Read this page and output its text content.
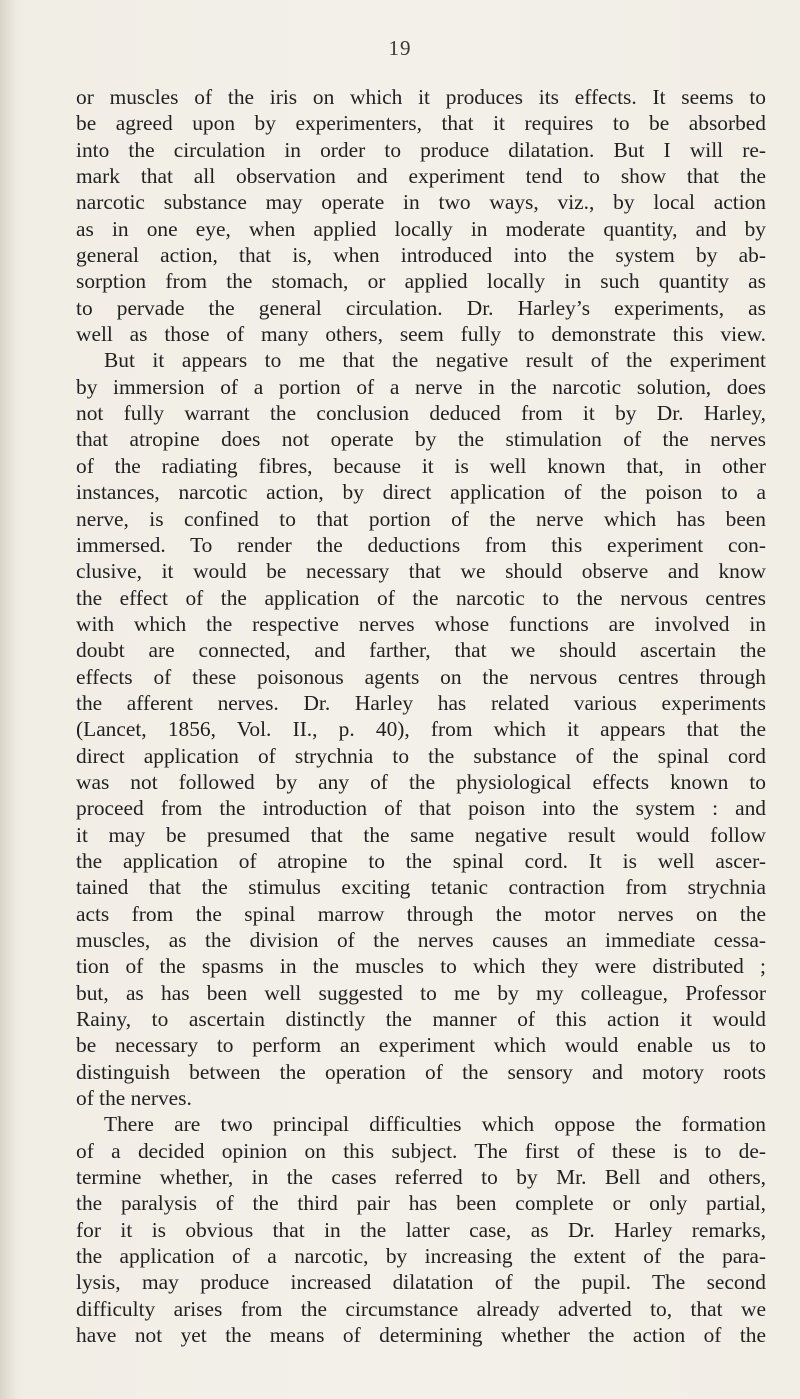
19
or muscles of the iris on which it produces its effects. It seems to
be agreed upon by experimenters, that it requires to be absorbed
into the circulation in order to produce dilatation. But I will re-
mark that all observation and experiment tend to show that the
narcotic substance may operate in two ways, viz., by local action
as in one eye, when applied locally in moderate quantity, and by
general action, that is, when introduced into the system by ab-
sorption from the stomach, or applied locally in such quantity as
to pervade the general circulation. Dr. Harley’s experiments, as
well as those of many others, seem fully to demonstrate this view.
But it appears to me that the negative result of the experiment
by immersion of a portion of a nerve in the narcotic solution, does
not fully warrant the conclusion deduced from it by Dr. Harley,
that atropine does not operate by the stimulation of the nerves
of the radiating fibres, because it is well known that, in other
instances, narcotic action, by direct application of the poison to a
nerve, is confined to that portion of the nerve which has been
immersed. To render the deductions from this experiment con-
clusive, it would be necessary that we should observe and know
the effect of the application of the narcotic to the nervous centres
with which the respective nerves whose functions are involved in
doubt are connected, and farther, that we should ascertain the
effects of these poisonous agents on the nervous centres through
the afferent nerves. Dr. Harley has related various experiments
(Lancet, 1856, Vol. II., p. 40), from which it appears that the
direct application of strychnia to the substance of the spinal cord
was not followed by any of the physiological effects known to
proceed from the introduction of that poison into the system : and
it may be presumed that the same negative result would follow
the application of atropine to the spinal cord. It is well ascer-
tained that the stimulus exciting tetanic contraction from strychnia
acts from the spinal marrow through the motor nerves on the
muscles, as the division of the nerves causes an immediate cessa-
tion of the spasms in the muscles to which they were distributed ;
but, as has been well suggested to me by my colleague, Professor
Rainy, to ascertain distinctly the manner of this action it would
be necessary to perform an experiment which would enable us to
distinguish between the operation of the sensory and motory roots
of the nerves.
There are two principal difficulties which oppose the formation
of a decided opinion on this subject. The first of these is to de-
termine whether, in the cases referred to by Mr. Bell and others,
the paralysis of the third pair has been complete or only partial,
for it is obvious that in the latter case, as Dr. Harley remarks,
the application of a narcotic, by increasing the extent of the para-
lysis, may produce increased dilatation of the pupil. The second
difficulty arises from the circumstance already adverted to, that we
have not yet the means of determining whether the action of the
